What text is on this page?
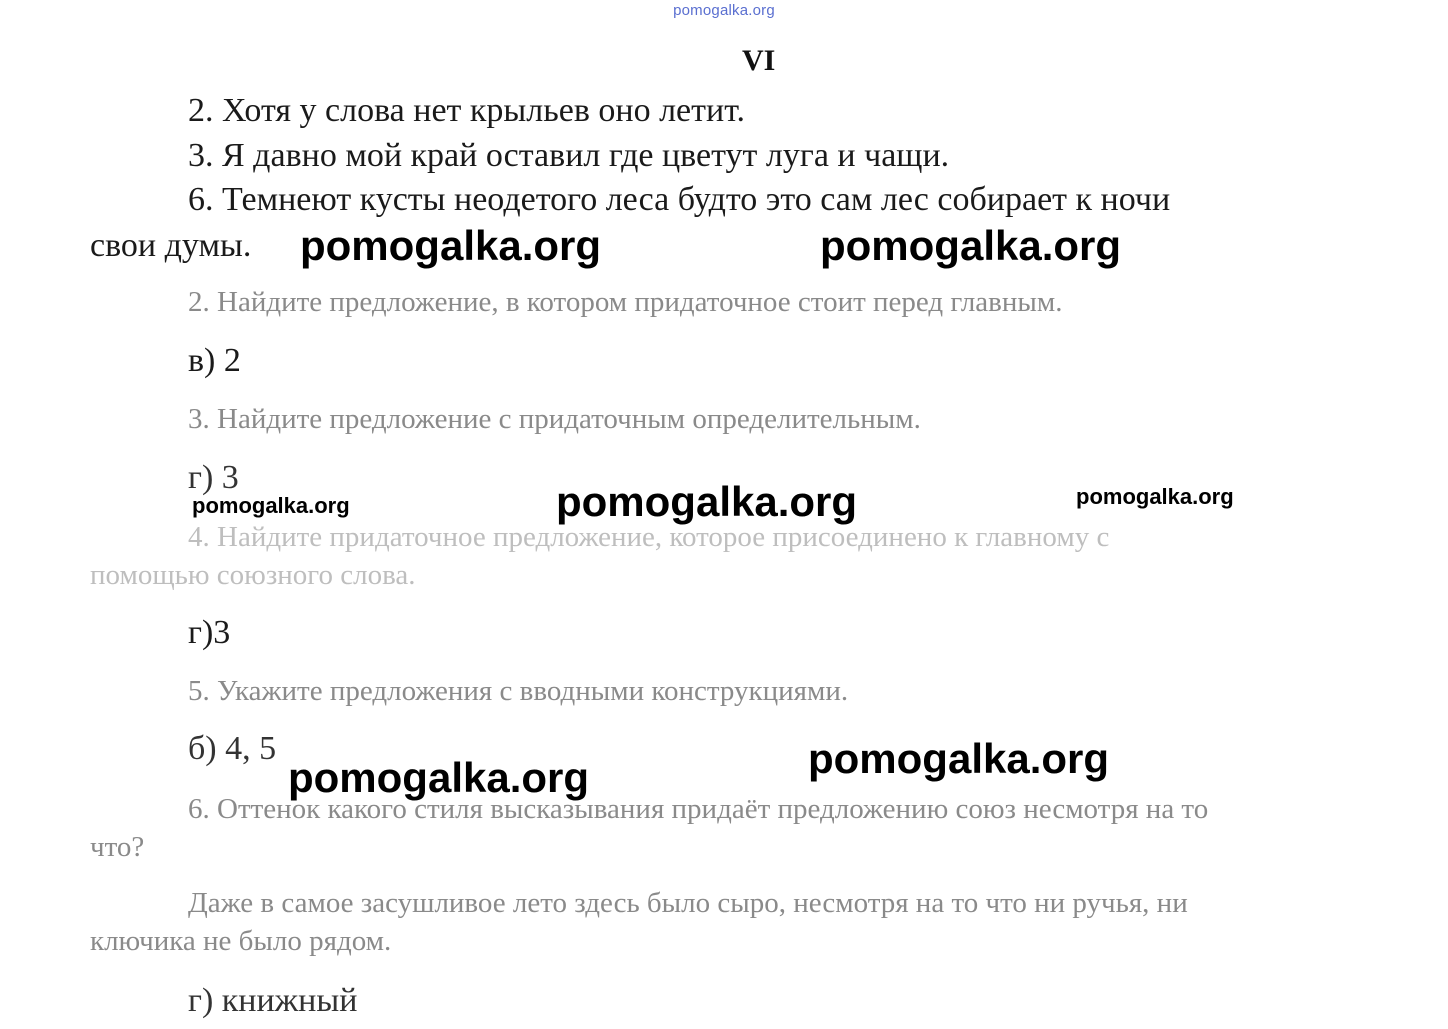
pomogalka.org
VI
2. Хотя у слова нет крыльев оно летит.
3. Я давно мой край оставил где цветут луга и чащи.
6. Темнеют кусты неодетого леса будто это сам лес собирает к ночи
свои думы.
2. Найдите предложение, в котором придаточное стоит перед главным.
в) 2
3. Найдите предложение с придаточным определительным.
г) 3
4. Найдите придаточное предложение, которое присоединено к главному с
помощью союзного слова.
г)3
5. Укажите предложения с вводными конструкциями.
б) 4, 5
6. Оттенок какого стиля высказывания придаёт предложению союз несмотря на то
что?
Даже в самое засушливое лето здесь было сыро, несмотря на то что ни ручья, ни
ключика не было рядом.
г) книжный
pomogalka.org	pomogalka.org
pomogalka.org	pomogalka.org	pomogalka.org
pomogalka.org	pomogalka.org
